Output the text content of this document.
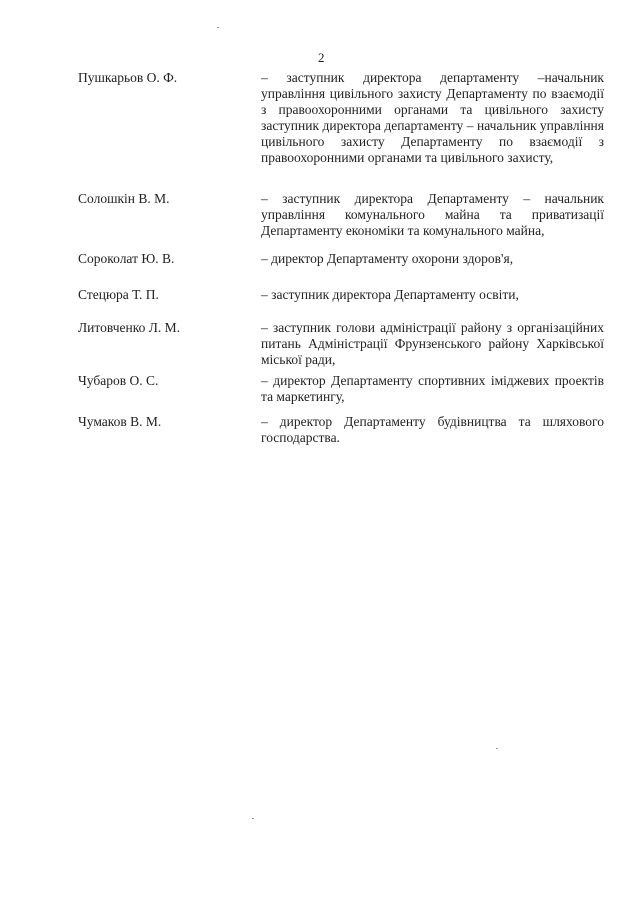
2
Пушкарьов О. Ф.	– заступник директора департаменту –начальник управління цивільного захисту Департаменту по взаємодії з правоохоронними органами та цивільного захисту заступник директора департаменту – начальник управління цивільного захисту Департаменту по взаємодії з правоохоронними органами та цивільного захисту,
Солошкін В. М.	– заступник директора Департаменту – начальник управління комунального майна та приватизації Департаменту економіки та комунального майна,
Сороколат Ю. В.	– директор Департаменту охорони здоров'я,
Стецюра Т. П.	– заступник директора Департаменту освіти,
Литовченко Л. М.	– заступник голови адміністрації району з організаційних питань Адміністрації Фрунзенського району Харківської міської ради,
Чубаров О. С.	– директор Департаменту спортивних іміджевих проектів та маркетингу,
Чумаков В. М.	– директор Департаменту будівництва та шляхового господарства.
